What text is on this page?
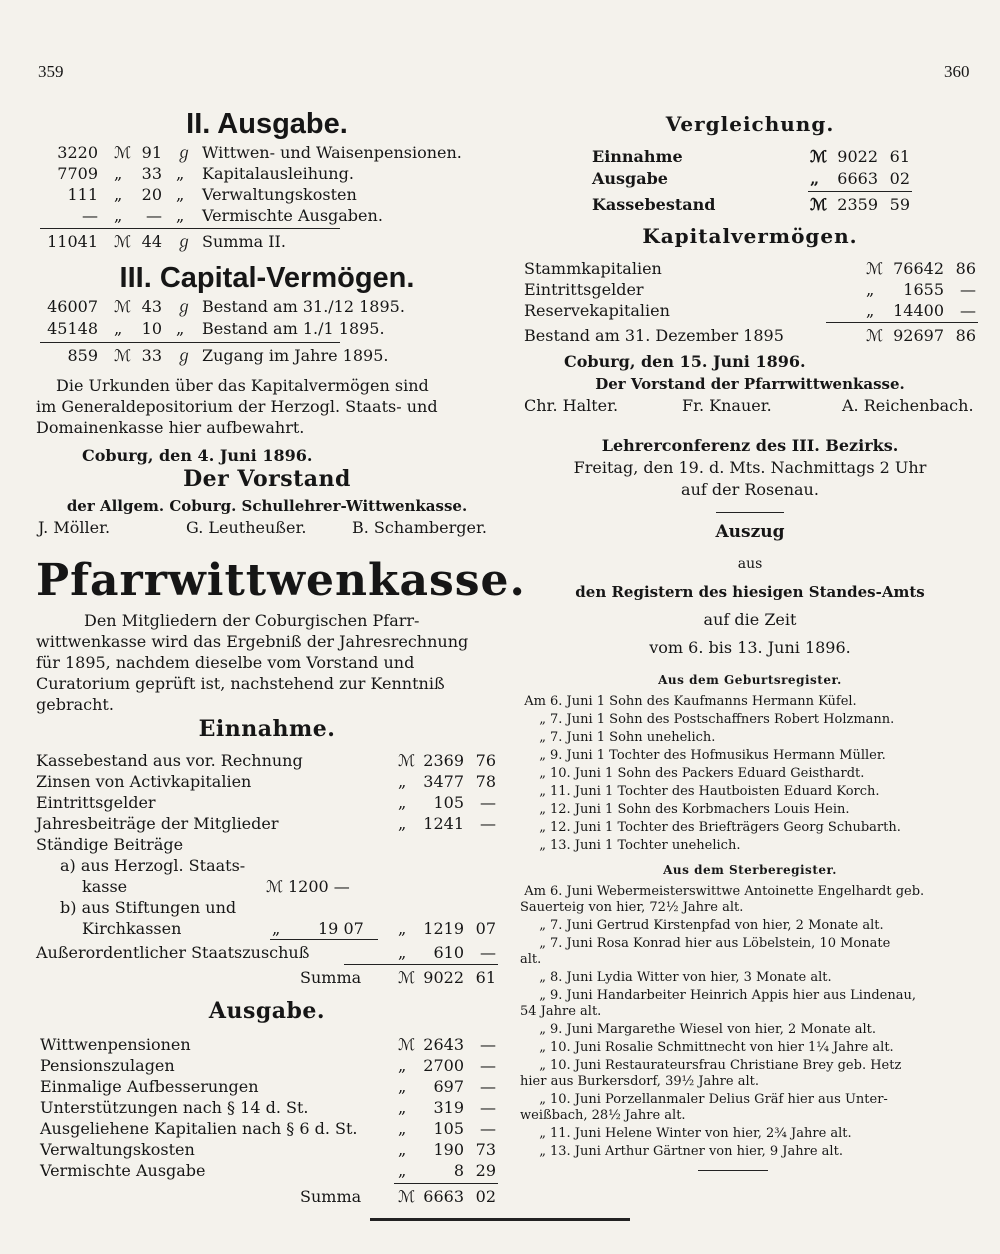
359	360
II. Ausgabe.
3220 ℳ 91 ℊ Wittwen- und Waisenpensionen.
7709 „	33 „ Kapitalausleihung.
111 „	20 „ Verwaltungskosten
— „	— „ Vermischte Ausgaben.
11041 ℳ 44 ℊ Summa II.
III. Capital-Vermögen.
46007 ℳ 43 ℊ Bestand am 31./12 1895.
45148 „	10 „ Bestand am 1./1 1895.
859 ℳ 33 ℊ Zugang im Jahre 1895.
Die Urkunden über das Kapitalvermögen sind
im Generaldepositorium der Herzogl. Staats- und
Domainenkasse hier aufbewahrt.
Coburg, den 4. Juni 1896.
Der Vorstand
der Allgem. Coburg. Schullehrer-Wittwenkasse.
J. Möller.	G. Leutheußer.	B. Schamberger.
Pfarrwittwenkasse.
Den Mitgliedern der Coburgischen Pfarr-
wittwenkasse wird das Ergebniß der Jahresrechnung
für 1895, nachdem dieselbe vom Vorstand und
Curatorium geprüft ist, nachstehend zur Kenntniß
gebracht.
Einnahme.
Kassebestand aus vor. Rechnung	ℳ 2369 76
Zinsen von Activkapitalien	„	3477 78
Eintrittsgelder	„	105	—
Jahresbeiträge der Mitglieder	„	1241	—
Ständige Beiträge
a) aus Herzogl. Staats-
kasse	ℳ 1200 —
b) aus Stiftungen und
Kirchkassen	„ 19 07 „	1219 07
Außerordentlicher Staatszuschuß	„	610	—
Summa ℳ 9022 61
Ausgabe.
Wittwenpensionen	ℳ 2643	—
Pensionszulagen	„	2700	—
Einmalige Aufbesserungen	„	697	—
Unterstützungen nach § 14 d. St.	„	319	—
Ausgeliehene Kapitalien nach § 6 d. St.	„	105	—
Verwaltungskosten	„	190 73
Vermischte Ausgabe	„	8 29
Summa ℳ 6663 02
Vergleichung.
Einnahme	ℳ 9022 61
Ausgabe	„	6663 02
Kassebestand	ℳ 2359 59
Kapitalvermögen.
Stammkapitalien	ℳ 76642 86
Eintrittsgelder	„	1655	—
Reservekapitalien	„	14400	—
Bestand am 31. Dezember 1895	ℳ 92697 86
Coburg, den 15. Juni 1896.
Der Vorstand der Pfarrwittwenkasse.
Chr. Halter.	Fr. Knauer.	A. Reichenbach.
Lehrerconferenz des III. Bezirks.
Freitag, den 19. d. Mts. Nachmittags 2 Uhr
auf der Rosenau.
Auszug
aus
den Registern des hiesigen Standes-Amts
auf die Zeit
vom 6. bis 13. Juni 1896.
Aus dem Geburtsregister.
Am 6. Juni 1 Sohn des Kaufmanns Hermann Küfel.
„ 7. Juni 1 Sohn des Postschaffners Robert Holzmann.
„ 7. Juni 1 Sohn unehelich.
„ 9. Juni 1 Tochter des Hofmusikus Hermann Müller.
„ 10. Juni 1 Sohn des Packers Eduard Geisthardt.
„ 11. Juni 1 Tochter des Hautboisten Eduard Korch.
„ 12. Juni 1 Sohn des Korbmachers Louis Hein.
„ 12. Juni 1 Tochter des Briefträgers Georg Schubarth.
„ 13. Juni 1 Tochter unehelich.
Aus dem Sterberegister.
Am 6. Juni Webermeisterswittwe Antoinette Engelhardt geb.
Sauerteig von hier, 72½ Jahre alt.
„ 7. Juni Gertrud Kirstenpfad von hier, 2 Monate alt.
„ 7. Juni Rosa Konrad hier aus Löbelstein, 10 Monate
alt.
„ 8. Juni Lydia Witter von hier, 3 Monate alt.
„ 9. Juni Handarbeiter Heinrich Appis hier aus Lindenau,
54 Jahre alt.
„ 9. Juni Margarethe Wiesel von hier, 2 Monate alt.
„ 10. Juni Rosalie Schmittnecht von hier 1¼ Jahre alt.
„ 10. Juni Restaurateursfrau Christiane Brey geb. Hetz
hier aus Burkersdorf, 39½ Jahre alt.
„ 10. Juni Porzellanmaler Delius Gräf hier aus Unter-
weißbach, 28½ Jahre alt.
„ 11. Juni Helene Winter von hier, 2¾ Jahre alt.
„ 13. Juni Arthur Gärtner von hier, 9 Jahre alt.
